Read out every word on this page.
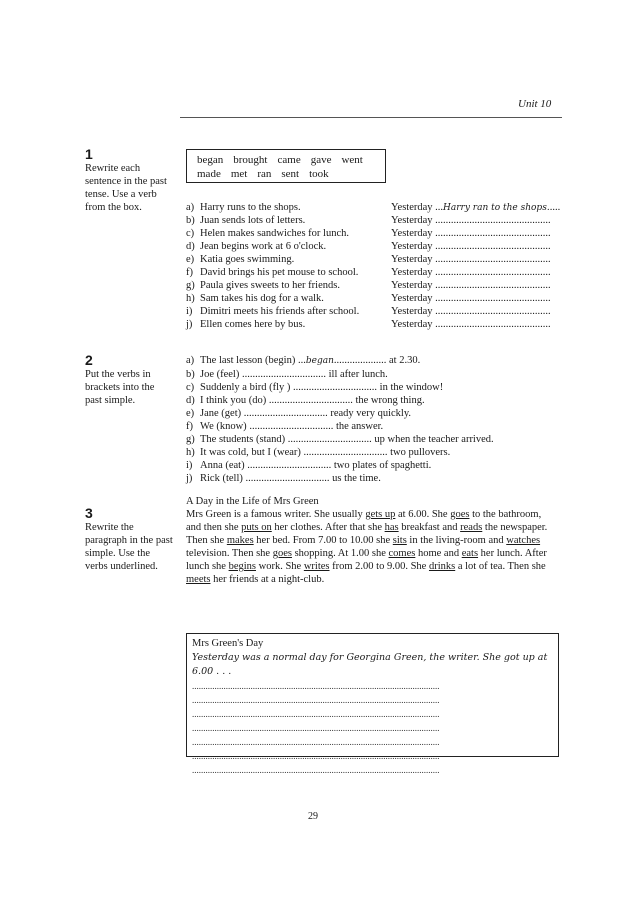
Unit 10
1
Rewrite each sentence in the past tense. Use a verb from the box.
began brought came gave went
made met ran sent took
a) Harry runs to the shops.	Yesterday ...Harry ran to the shops.....
b) Juan sends lots of letters.	Yesterday ............................................
c) Helen makes sandwiches for lunch.	Yesterday ............................................
d) Jean begins work at 6 o'clock.	Yesterday ............................................
e) Katia goes swimming.	Yesterday ............................................
f) David brings his pet mouse to school.	Yesterday ............................................
g) Paula gives sweets to her friends.	Yesterday ............................................
h) Sam takes his dog for a walk.	Yesterday ............................................
i) Dimitri meets his friends after school.	Yesterday ............................................
j) Ellen comes here by bus.	Yesterday ............................................
2
Put the verbs in brackets into the past simple.
a) The last lesson (begin) ...began.................... at 2.30.
b) Joe (feel) ................................ ill after lunch.
c) Suddenly a bird (fly ) ................................ in the window!
d) I think you (do) ................................ the wrong thing.
e) Jane (get) ................................ ready very quickly.
f) We (know) ................................ the answer.
g) The students (stand) ................................ up when the teacher arrived.
h) It was cold, but I (wear) ................................ two pullovers.
i) Anna (eat) ................................ two plates of spaghetti.
j) Rick (tell) ................................ us the time.
3
Rewrite the paragraph in the past simple. Use the verbs underlined.
A Day in the Life of Mrs Green
Mrs Green is a famous writer. She usually gets up at 6.00. She goes to the bathroom, and then she puts on her clothes. After that she has breakfast and reads the newspaper. Then she makes her bed. From 7.00 to 10.00 she sits in the living-room and watches television. Then she goes shopping. At 1.00 she comes home and eats her lunch. After lunch she begins work. She writes from 2.00 to 9.00. She drinks a lot of tea. Then she meets her friends at a night-club.
Mrs Green's Day
Yesterday was a normal day for Georgina Green, the writer. She got up at 6.00 . . .
..............................................................................................................
..............................................................................................................
..............................................................................................................
..............................................................................................................
..............................................................................................................
..............................................................................................................
..............................................................................................................
29
